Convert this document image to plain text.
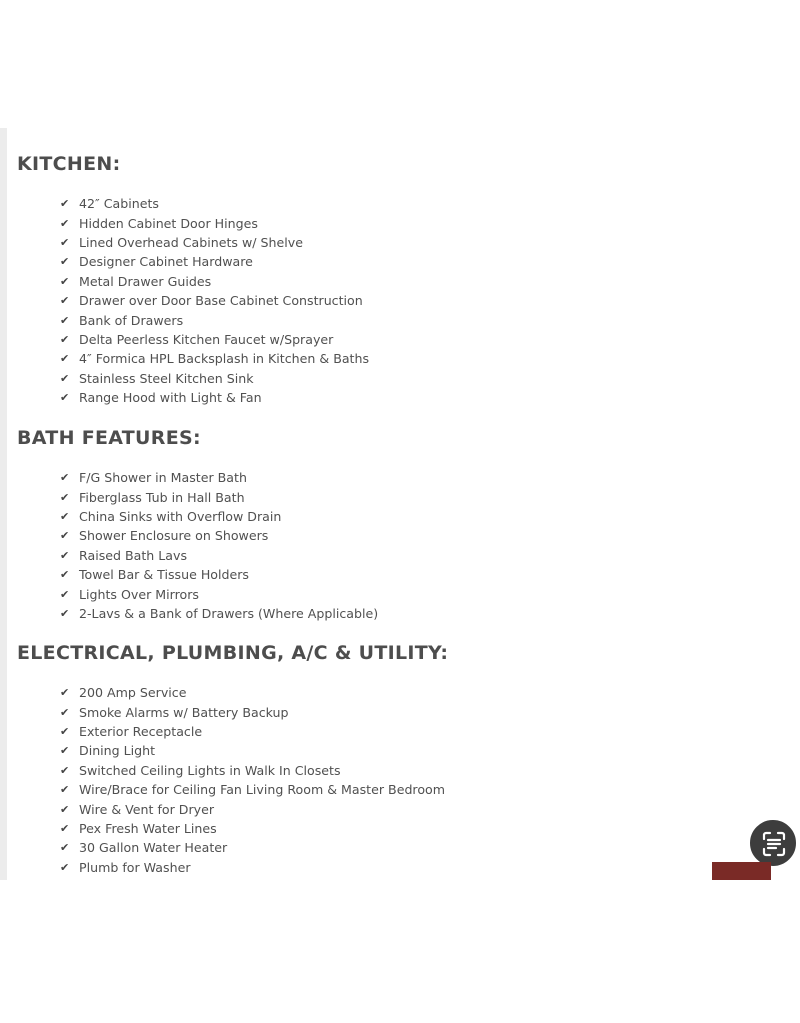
KITCHEN:
✔ 42″ Cabinets
✔ Hidden Cabinet Door Hinges
✔ Lined Overhead Cabinets w/ Shelve
✔ Designer Cabinet Hardware
✔ Metal Drawer Guides
✔ Drawer over Door Base Cabinet Construction
✔ Bank of Drawers
✔ Delta Peerless Kitchen Faucet w/Sprayer
✔ 4″ Formica HPL Backsplash in Kitchen & Baths
✔ Stainless Steel Kitchen Sink
✔ Range Hood with Light & Fan
BATH FEATURES:
✔ F/G Shower in Master Bath
✔ Fiberglass Tub in Hall Bath
✔ China Sinks with Overflow Drain
✔ Shower Enclosure on Showers
✔ Raised Bath Lavs
✔ Towel Bar & Tissue Holders
✔ Lights Over Mirrors
✔ 2-Lavs & a Bank of Drawers (Where Applicable)
ELECTRICAL, PLUMBING, A/C & UTILITY:
✔ 200 Amp Service
✔ Smoke Alarms w/ Battery Backup
✔ Exterior Receptacle
✔ Dining Light
✔ Switched Ceiling Lights in Walk In Closets
✔ Wire/Brace for Ceiling Fan Living Room & Master Bedroom
✔ Wire & Vent for Dryer
✔ Pex Fresh Water Lines
✔ 30 Gallon Water Heater
✔ Plumb for Washer
